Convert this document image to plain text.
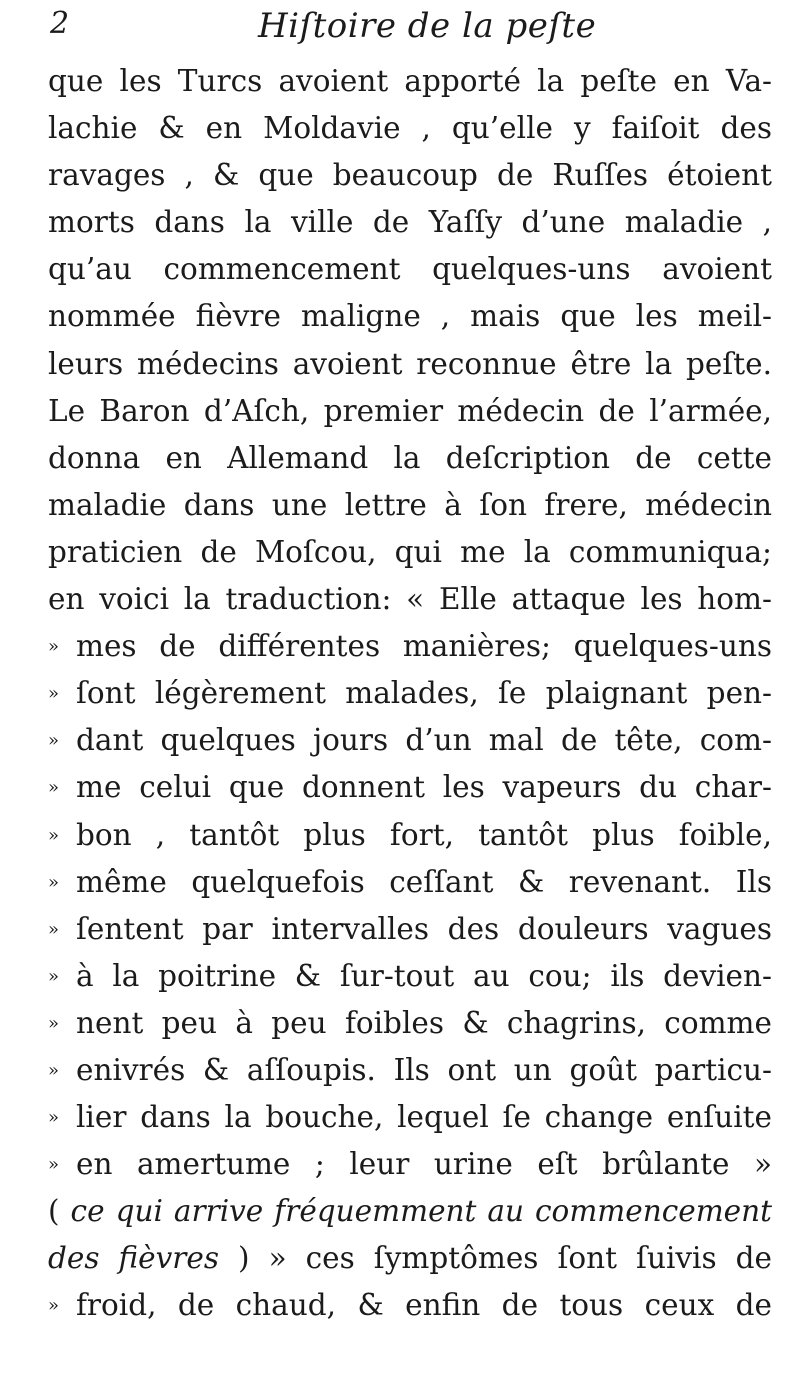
2	Hiſtoire de la peſte
que les Turcs avoient apporté la peſte en Va-
lachie & en Moldavie , qu’elle y faiſoit des
ravages , & que beaucoup de Ruſſes étoient
morts dans la ville de Yaſſy d’une maladie ,
qu’au commencement quelques-uns avoient
nommée fièvre maligne , mais que les meil-
leurs médecins avoient reconnue être la peſte.
Le Baron d’Aſch, premier médecin de l’armée,
donna en Allemand la deſcription de cette
maladie dans une lettre à ſon frere, médecin
praticien de Moſcou, qui me la communiqua;
en voici la traduction: « Elle attaque les hom-
» mes de différentes manières; quelques-uns
» ſont légèrement malades, ſe plaignant pen-
» dant quelques jours d’un mal de tête, com-
» me celui que donnent les vapeurs du char-
» bon , tantôt plus fort, tantôt plus foible,
» même quelquefois ceſſant & revenant. Ils
» ſentent par intervalles des douleurs vagues
» à la poitrine & ſur-tout au cou; ils devien-
» nent peu à peu foibles & chagrins, comme
» enivrés & aſſoupis. Ils ont un goût particu-
» lier dans la bouche, lequel ſe change enſuite
» en amertume ; leur urine eſt brûlante »
( ce qui arrive fréquemment au commencement
des fièvres ) » ces ſymptômes ſont ſuivis de
» froid, de chaud, & enfin de tous ceux de
